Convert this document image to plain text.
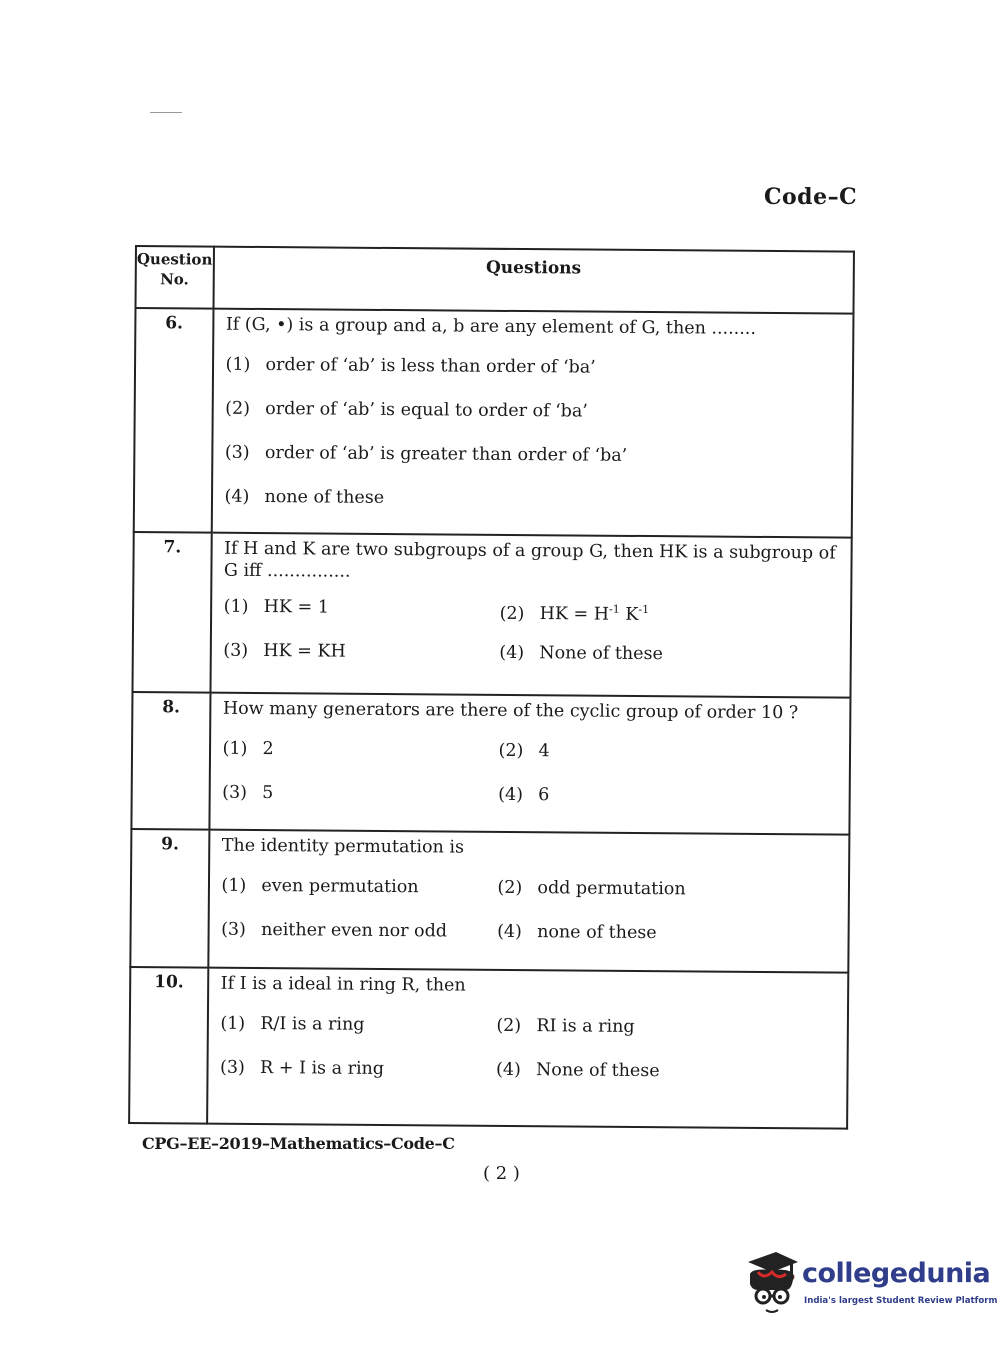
Code–C
Question No.	Questions
6.	If (G, •) is a group and a, b are any element of G, then ........
(1) order of ‘ab’ is less than order of ‘ba’
(2) order of ‘ab’ is equal to order of ‘ba’
(3) order of ‘ab’ is greater than order of ‘ba’
(4) none of these

7.	If H and K are two subgroups of a group G, then HK is a subgroup of G iff ...............
(1) HK = 1 (2) HK = $H^{-1}$ $K^{-1}$
(3) HK = KH (4) None of these

8.	How many generators are there of the cyclic group of order 10 ?
(1) 2 (2) 4
(3) 5 (4) 6

9.	The identity permutation is
(1) even permutation (2) odd permutation
(3) neither even nor odd (4) none of these

10.	If I is a ideal in ring R, then
(1) R/I is a ring (2) RI is a ring
(3) R + I is a ring (4) None of these
CPG–EE–2019–Mathematics–Code–C
( 2 )
collegedunia
India's largest Student Review Platform
